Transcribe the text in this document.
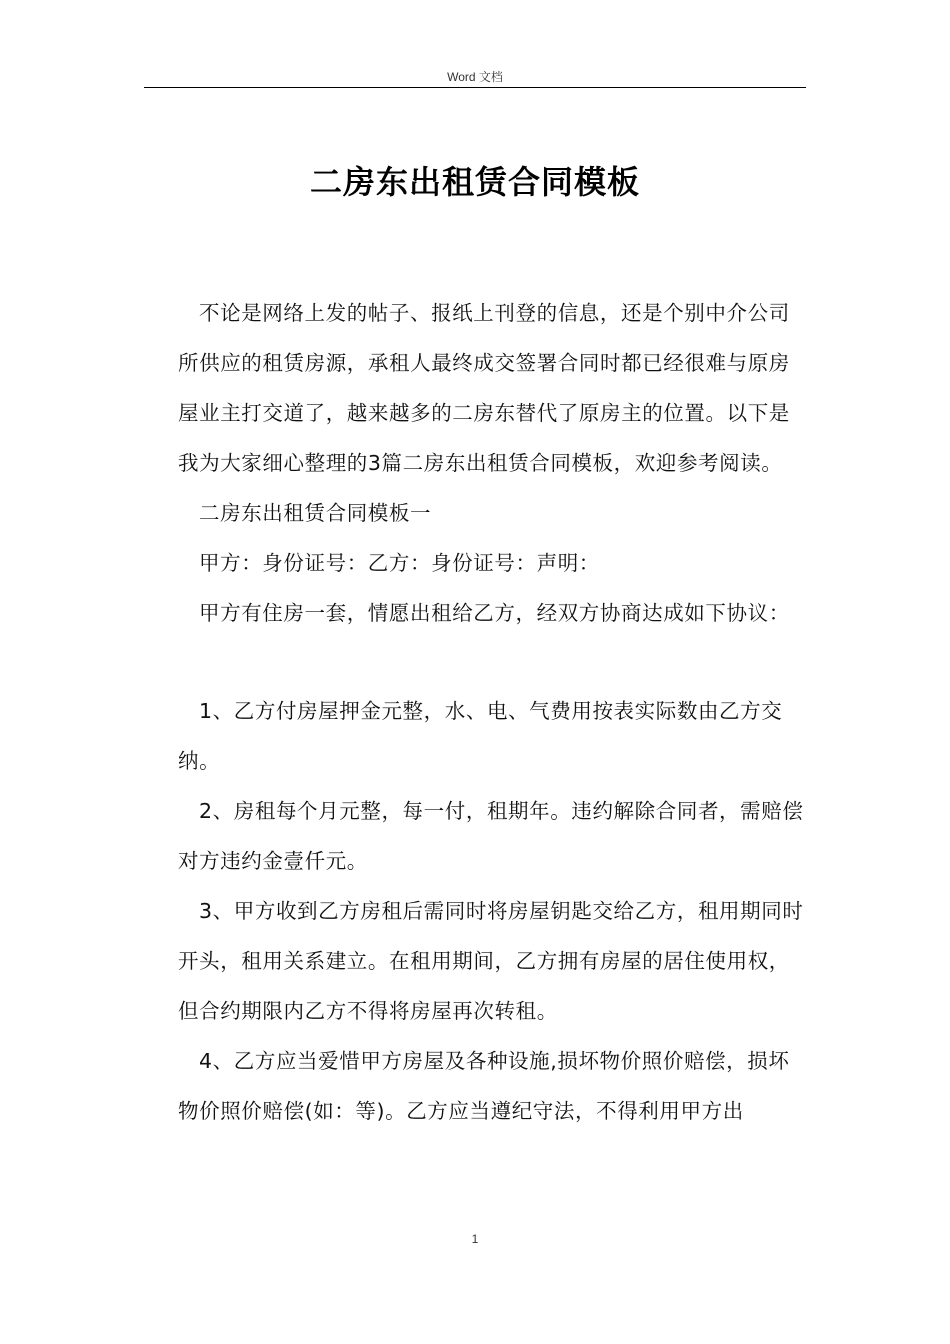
Word 文档
二房东出租赁合同模板

不论是网络上发的帖子、报纸上刊登的信息，还是个别中介公司所供应的租赁房源，承租人最终成交签署合同时都已经很难与原房屋业主打交道了，越来越多的二房东替代了原房主的位置。以下是我为大家细心整理的3篇二房东出租赁合同模板，欢迎参考阅读。

二房东出租赁合同模板一

甲方：身份证号：乙方：身份证号：声明：

甲方有住房一套，情愿出租给乙方，经双方协商达成如下协议：

1、乙方付房屋押金元整，水、电、气费用按表实际数由乙方交纳。

2、房租每个月元整，每一付，租期年。违约解除合同者，需赔偿对方违约金壹仟元。

3、甲方收到乙方房租后需同时将房屋钥匙交给乙方，租用期同时开头，租用关系建立。在租用期间，乙方拥有房屋的居住使用权，但合约期限内乙方不得将房屋再次转租。

4、乙方应当爱惜甲方房屋及各种设施,损坏物价照价赔偿，损坏物价照价赔偿(如：等)。乙方应当遵纪守法，不得利用甲方出

1
